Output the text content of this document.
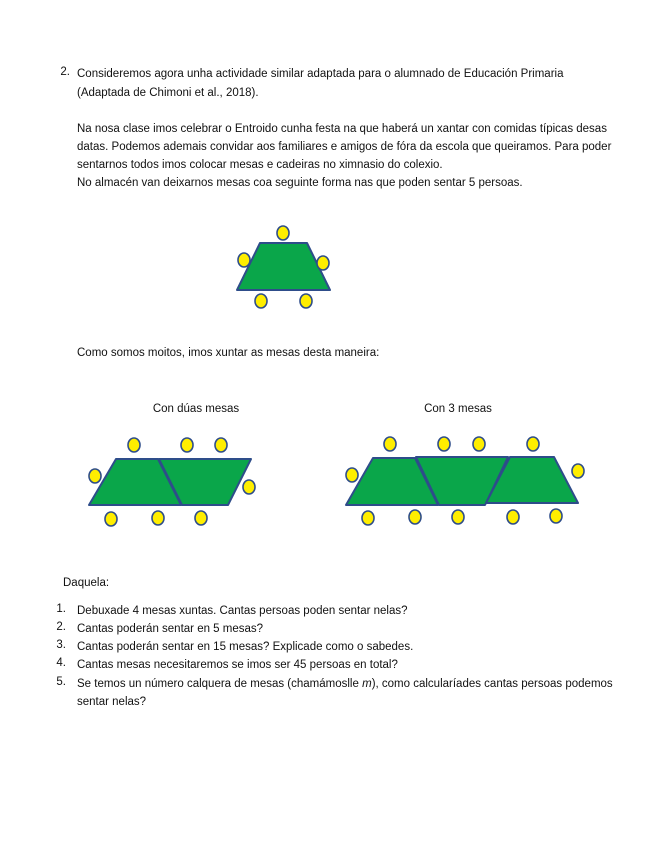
2. Consideremos agora unha actividade similar adaptada para o alumnado de Educación Primaria
(Adaptada de Chimoni et al., 2018).
Na nosa clase imos celebrar o Entroido cunha festa na que haberá un xantar con comidas típicas desas
datas. Podemos ademais convidar aos familiares e amigos de fóra da escola que queiramos. Para poder
sentarnos todos imos colocar mesas e cadeiras no ximnasio do colexio.
No almacén van deixarnos mesas coa seguinte forma nas que poden sentar 5 persoas.
Como somos moitos, imos xuntar as mesas desta maneira:
Con dúas mesas	Con 3 mesas
Daquela:
1. Debuxade 4 mesas xuntas. Cantas persoas poden sentar nelas?
2. Cantas poderán sentar en 5 mesas?
3. Cantas poderán sentar en 15 mesas? Explicade como o sabedes.
4. Cantas mesas necesitaremos se imos ser 45 persoas en total?
5. Se temos un número calquera de mesas (chamámoslle m), como calcularíades cantas persoas podemos
sentar nelas?
